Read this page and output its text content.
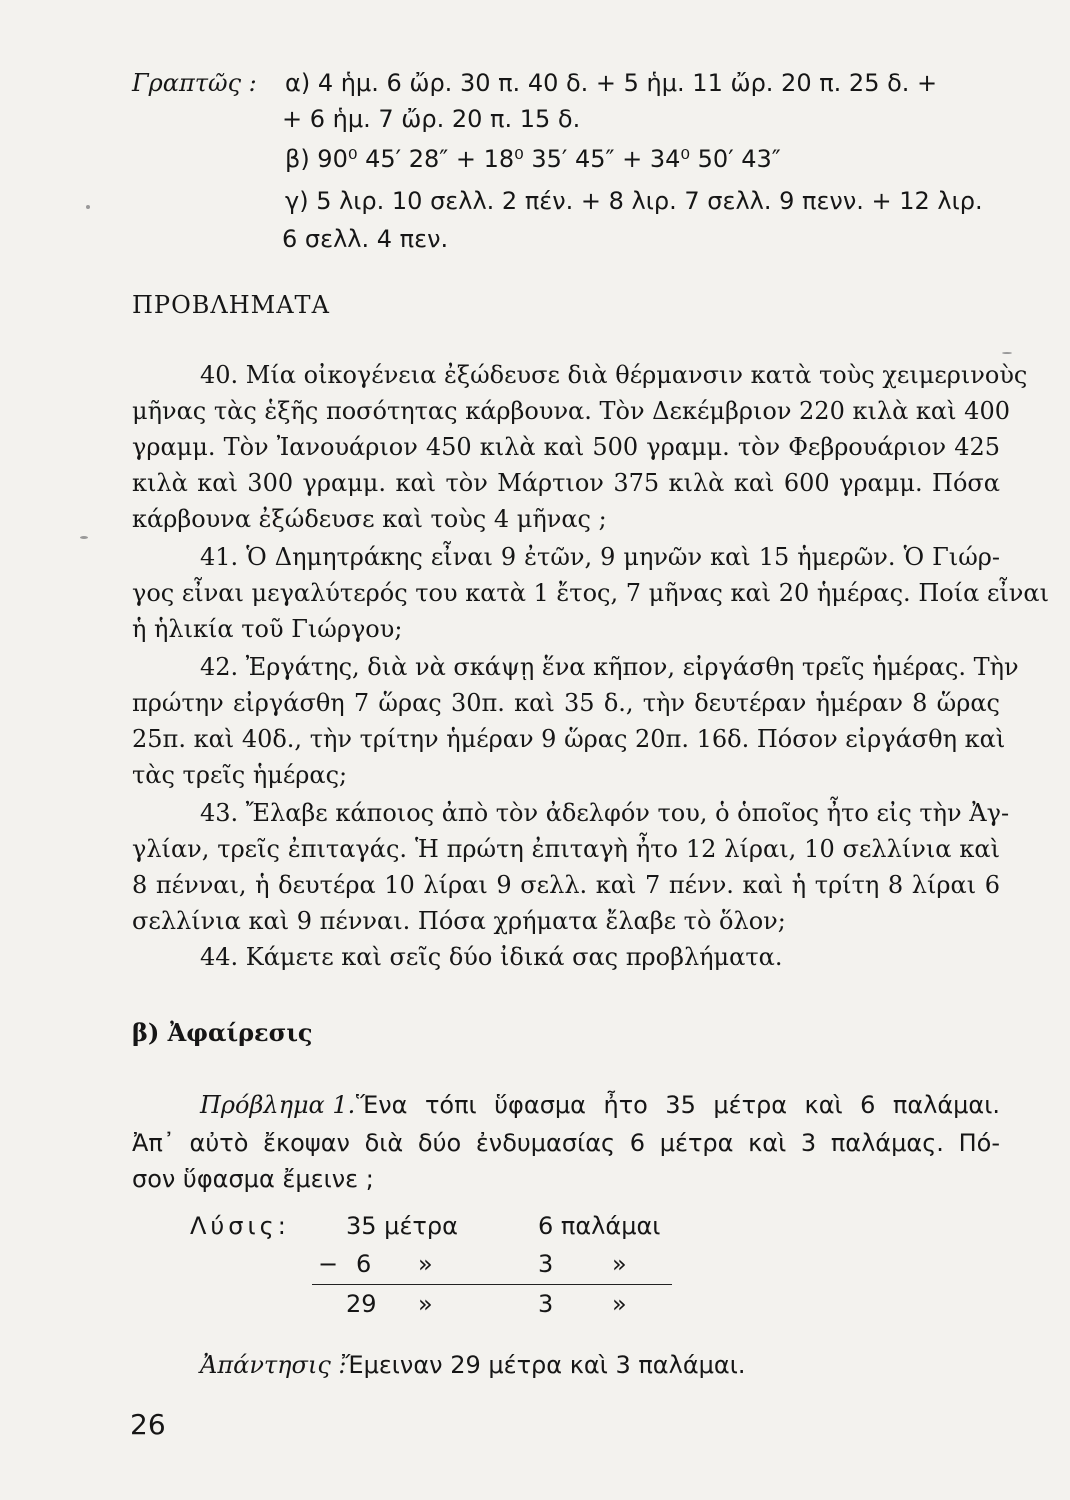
Γραπτῶς : α) 4 ἡμ. 6 ὤρ. 30 π. 40 δ. + 5 ἡμ. 11 ὤρ. 20 π. 25 δ. +
+ 6 ἡμ. 7 ὤρ. 20 π. 15 δ.
β) 90⁰ 45′ 28″ + 18⁰ 35′ 45″ + 34⁰ 50′ 43″
γ) 5 λιρ. 10 σελλ. 2 πέν. + 8 λιρ. 7 σελλ. 9 πενν. + 12 λιρ.
6 σελλ. 4 πεν.
ΠΡΟΒΛΗΜΑΤΑ
40. Μία οἰκογένεια ἐξώδευσε διὰ θέρμανσιν κατὰ τοὺς χειμερινοὺς
μῆνας τὰς ἑξῆς ποσότητας κάρβουνα. Τὸν Δεκέμβριον 220 κιλὰ καὶ 400
γραμμ. Τὸν Ἰανουάριον 450 κιλὰ καὶ 500 γραμμ. τὸν Φεβρουάριον 425
κιλὰ καὶ 300 γραμμ. καὶ τὸν Μάρτιον 375 κιλὰ καὶ 600 γραμμ. Πόσα
κάρβουνα ἐξώδευσε καὶ τοὺς 4 μῆνας ;
41. Ὁ Δημητράκης εἶναι 9 ἐτῶν, 9 μηνῶν καὶ 15 ἡμερῶν. Ὁ Γιώρ-
γος εἶναι μεγαλύτερός του κατὰ 1 ἔτος, 7 μῆνας καὶ 20 ἡμέρας. Ποία εἶναι
ἡ ἡλικία τοῦ Γιώργου;
42. Ἐργάτης, διὰ νὰ σκάψῃ ἕνα κῆπον, εἰργάσθη τρεῖς ἡμέρας. Τὴν
πρώτην εἰργάσθη 7 ὥρας 30π. καὶ 35 δ., τὴν δευτέραν ἡμέραν 8 ὥρας
25π. καὶ 40δ., τὴν τρίτην ἡμέραν 9 ὥρας 20π. 16δ. Πόσον εἰργάσθη καὶ
τὰς τρεῖς ἡμέρας;
43. Ἔλαβε κάποιος ἀπὸ τὸν ἀδελφόν του, ὁ ὁποῖος ἦτο εἰς τὴν Ἀγ-
γλίαν, τρεῖς ἐπιταγάς. Ἡ πρώτη ἐπιταγὴ ἦτο 12 λίραι, 10 σελλίνια καὶ
8 πένναι, ἡ δευτέρα 10 λίραι 9 σελλ. καὶ 7 πένν. καὶ ἡ τρίτη 8 λίραι 6
σελλίνια καὶ 9 πένναι. Πόσα χρήματα ἔλαβε τὸ ὅλον;
44. Κάμετε καὶ σεῖς δύο ἰδικά σας προβλήματα.
β) Ἀφαίρεσις
Πρόβλημα 1. Ἕνα τόπι ὕφασμα ἦτο 35 μέτρα καὶ 6 παλάμαι.
Ἀπ᾽ αὐτὸ ἔκοψαν διὰ δύο ἐνδυμασίας 6 μέτρα καὶ 3 παλάμας. Πό-
σον ὕφασμα ἔμεινε ;
Λύσις: 35 μέτρα	6 παλάμαι
− 6 »	3 »
29 »	3 »
Ἀπάντησις :
Ἔμειναν 29 μέτρα καὶ 3 παλάμαι.
26
